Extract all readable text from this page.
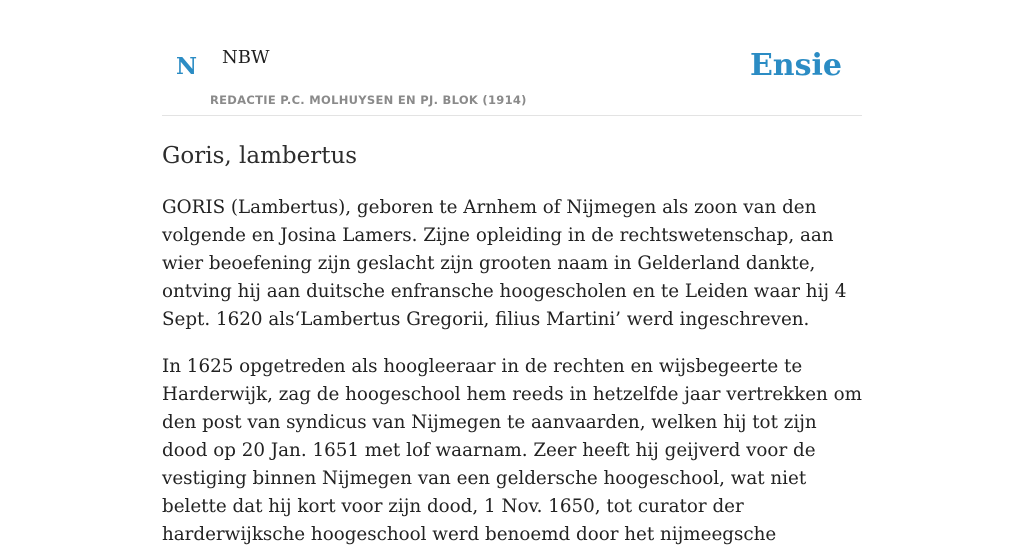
N NBW
REDACTIE P.C. MOLHUYSEN EN PJ. BLOK (1914)
Ensie
Goris, lambertus

GORIS (Lambertus), geboren te Arnhem of Nijmegen als zoon van den volgende en Josina Lamers. Zijne opleiding in de rechtswetenschap, aan wier beoefening zijn geslacht zijn grooten naam in Gelderland dankte, ontving hij aan duitsche enfransche hoogescholen en te Leiden waar hij 4 Sept. 1620 als‘Lambertus Gregorii, filius Martini’ werd ingeschreven.

In 1625 opgetreden als hoogleeraar in de rechten en wijsbegeerte te Harderwijk, zag de hoogeschool hem reeds in hetzelfde jaar vertrekken om den post van syndicus van Nijmegen te aanvaarden, welken hij tot zijn dood op 20 Jan. 1651 met lof waarnam. Zeer heeft hij geijverd voor de vestiging binnen Nijmegen van een geldersche hoogeschool, wat niet belette dat hij kort voor zijn dood, 1 Nov. 1650, tot curator der harderwijksche hoogeschool werd benoemd door het nijmeegsche
